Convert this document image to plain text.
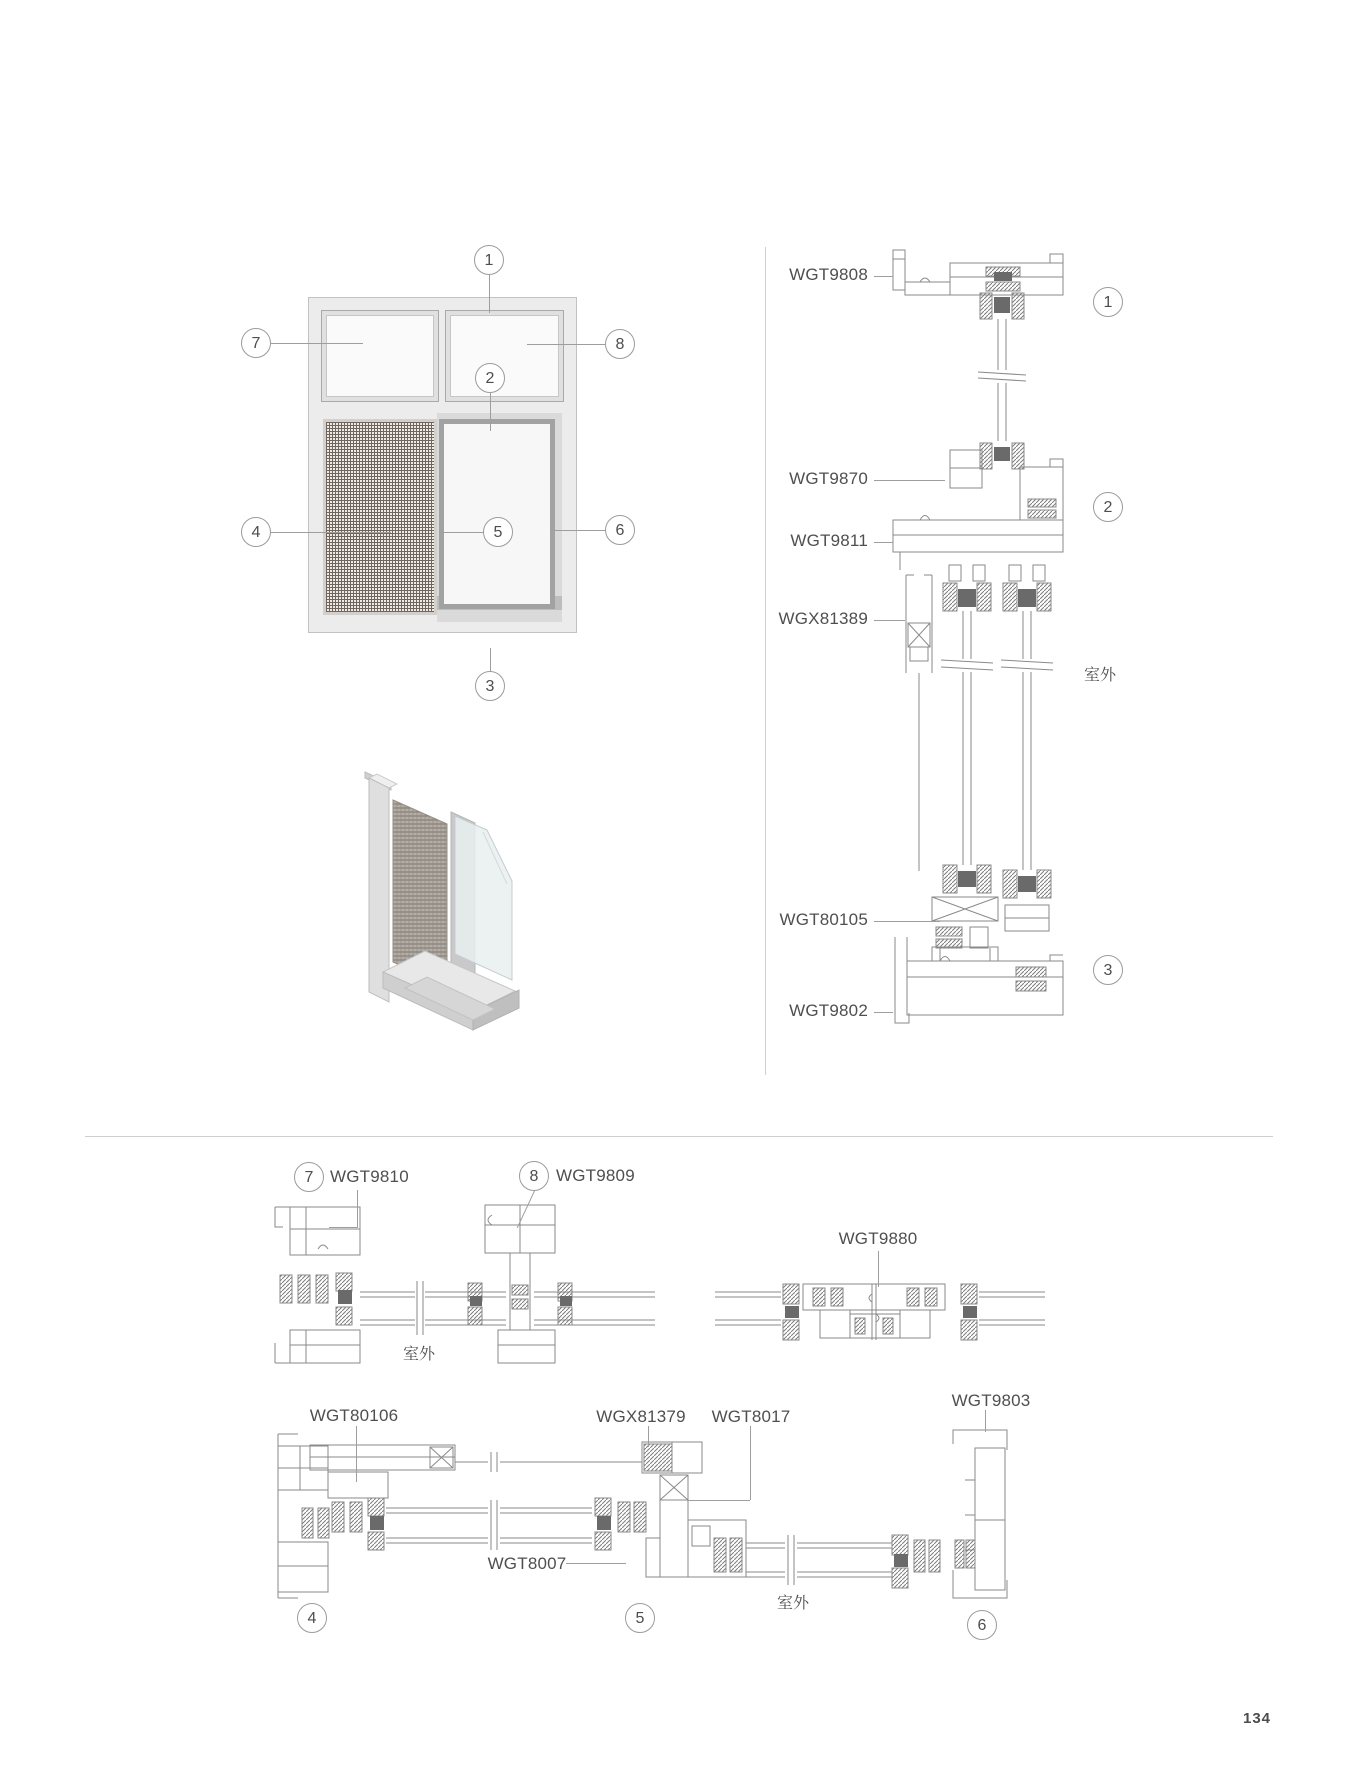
1
2
3
4	5	6
7	8
WGT9808
WGT9870
WGT9811
WGX81389
WGT80105
WGT9802
1
2
3
室外
7 WGT9810	8	WGT9809
室外
WGT9880
WGT80106	WGX81379 WGT8017
WGT9803
WGT8007
室外
4	5	6
134
